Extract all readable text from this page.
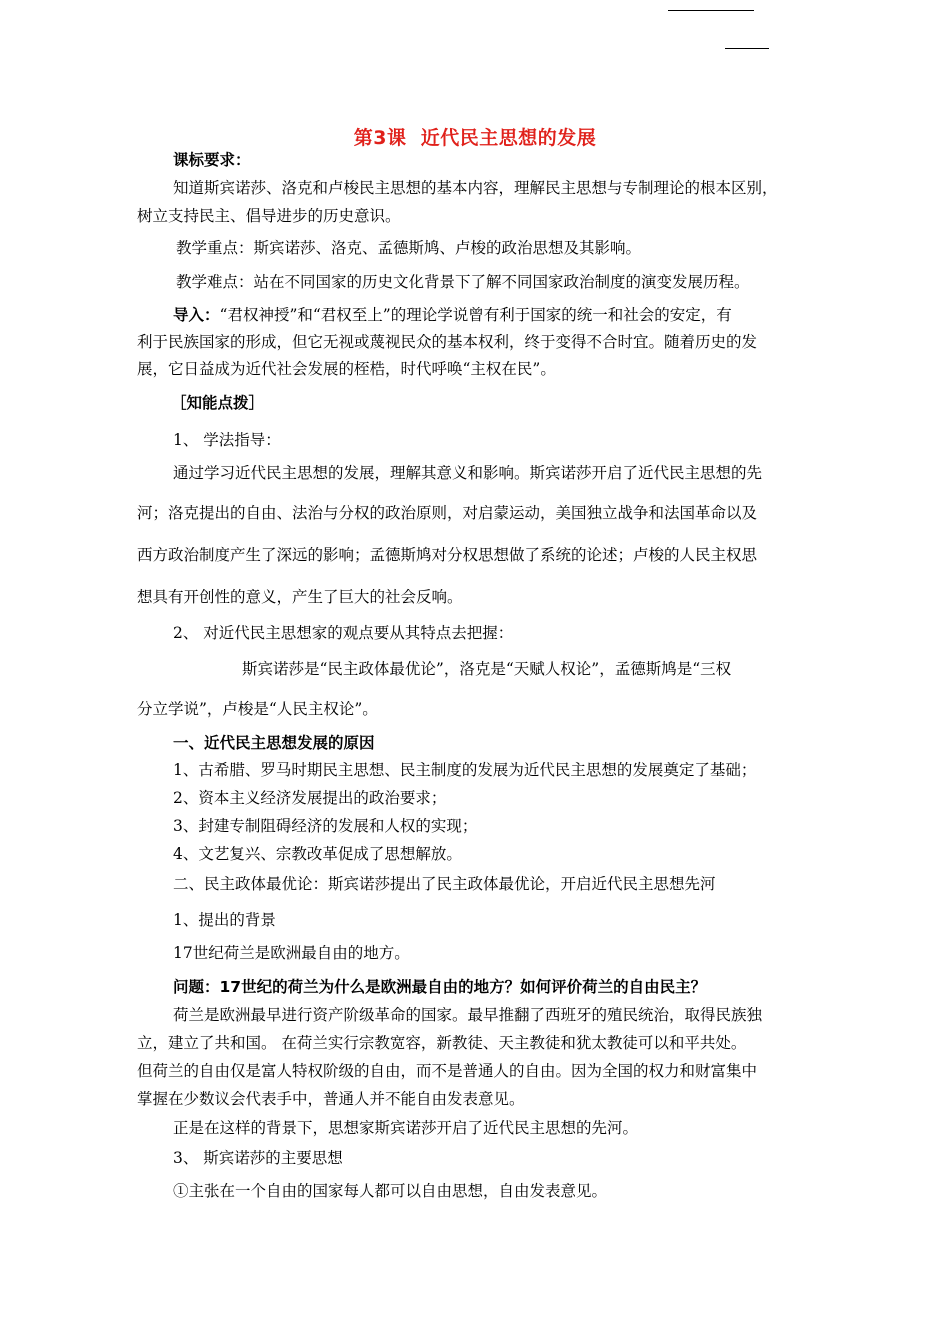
第3课  近代民主思想的发展
课标要求：
知道斯宾诺莎、洛克和卢梭民主思想的基本内容，理解民主思想与专制理论的根本区别，
树立支持民主、倡导进步的历史意识。
教学重点：斯宾诺莎、洛克、孟德斯鸠、卢梭的政治思想及其影响。
教学难点：站在不同国家的历史文化背景下了解不同国家政治制度的演变发展历程。
导入：“君权神授”和“君权至上”的理论学说曾有利于国家的统一和社会的安定，有
利于民族国家的形成，但它无视或蔑视民众的基本权利，终于变得不合时宜。随着历史的发
展，它日益成为近代社会发展的桎梏，时代呼唤“主权在民”。
［知能点拨］
1、 学法指导：
通过学习近代民主思想的发展，理解其意义和影响。斯宾诺莎开启了近代民主思想的先
河；洛克提出的自由、法治与分权的政治原则，对启蒙运动，美国独立战争和法国革命以及
西方政治制度产生了深远的影响；孟德斯鸠对分权思想做了系统的论述；卢梭的人民主权思
想具有开创性的意义，产生了巨大的社会反响。
2、 对近代民主思想家的观点要从其特点去把握：
斯宾诺莎是“民主政体最优论”，洛克是“天赋人权论”，孟德斯鸠是“三权
分立学说”，卢梭是“人民主权论”。
一、近代民主思想发展的原因
1、古希腊、罗马时期民主思想、民主制度的发展为近代民主思想的发展奠定了基础；
2、资本主义经济发展提出的政治要求；
3、封建专制阻碍经济的发展和人权的实现；
4、文艺复兴、宗教改革促成了思想解放。
二、民主政体最优论：斯宾诺莎提出了民主政体最优论，开启近代民主思想先河
1、提出的背景
17世纪荷兰是欧洲最自由的地方。
问题：17世纪的荷兰为什么是欧洲最自由的地方？如何评价荷兰的自由民主？
荷兰是欧洲最早进行资产阶级革命的国家。最早推翻了西班牙的殖民统治，取得民族独
立，建立了共和国。 在荷兰实行宗教宽容，新教徒、天主教徒和犹太教徒可以和平共处。
但荷兰的自由仅是富人特权阶级的自由，而不是普通人的自由。因为全国的权力和财富集中
掌握在少数议会代表手中，普通人并不能自由发表意见。
正是在这样的背景下，思想家斯宾诺莎开启了近代民主思想的先河。
3、 斯宾诺莎的主要思想
①主张在一个自由的国家每人都可以自由思想，自由发表意见。
